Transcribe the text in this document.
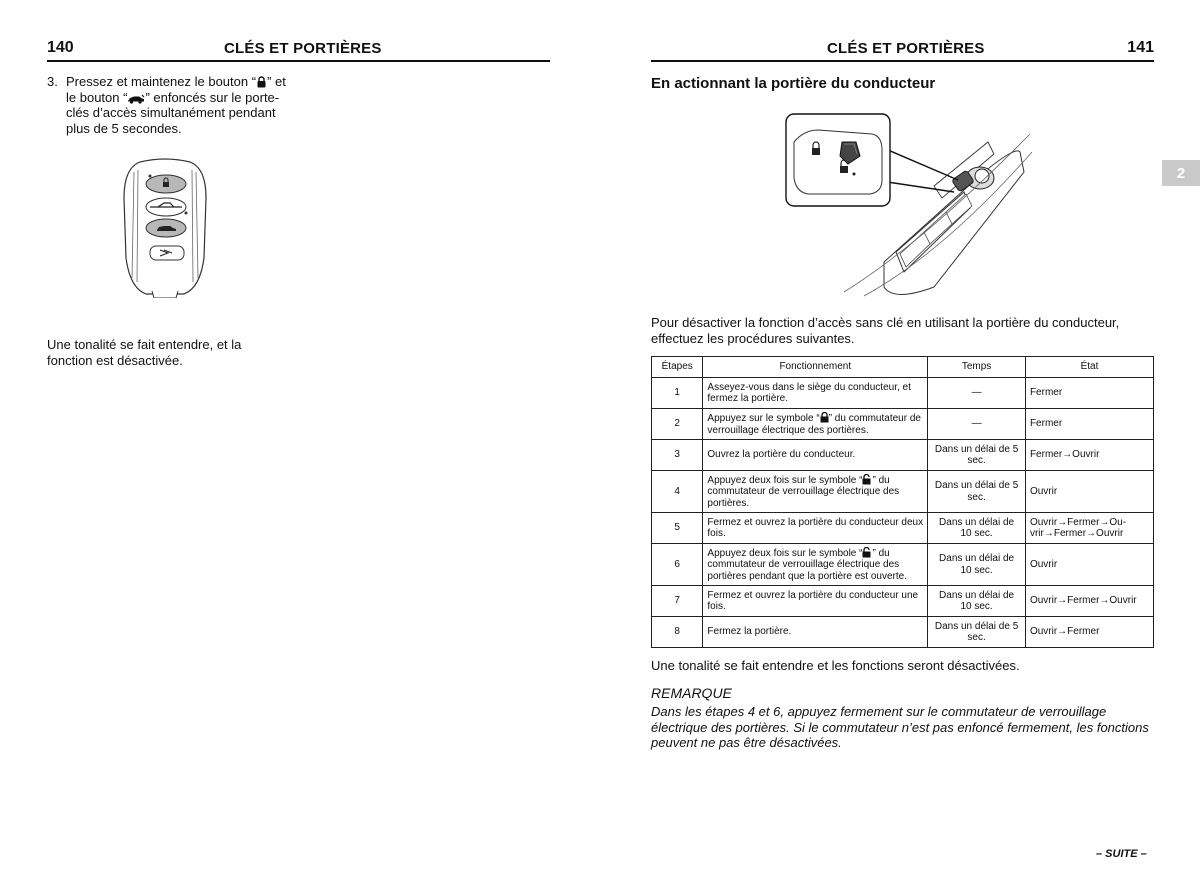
140	CLÉS ET PORTIÈRES
3. Pressez et maintenez le bouton “ ” et le bouton “ ” enfoncés sur le porte-clés d’accès simultanément pendant plus de 5 secondes.
Une tonalité se fait entendre, et la fonction est désactivée.
CLÉS ET PORTIÈRES	141
En actionnant la portière du conducteur
2
Pour désactiver la fonction d’accès sans clé en utilisant la portière du conducteur, effectuez les procédures suivantes.
Étapes	Fonctionnement	Temps	État
1	Asseyez-vous dans le siège du conducteur, et fermez la portière.	—	Fermer
2	Appuyez sur le symbole “ ” du commutateur de verrouillage électrique des portières.	—	Fermer
3	Ouvrez la portière du conducteur.	Dans un délai de 5 sec.	Fermer→Ouvrir
4	Appuyez deux fois sur le symbole “ ” du commutateur de verrouillage électrique des portières.	Dans un délai de 5 sec.	Ouvrir
5	Fermez et ouvrez la portière du conducteur deux fois.	Dans un délai de 10 sec.	Ouvrir→Fermer→Ou-vrir→Fermer→Ouvrir
6	Appuyez deux fois sur le symbole “ ” du commutateur de verrouillage électrique des portières pendant que la portière est ouverte.	Dans un délai de 10 sec.	Ouvrir
7	Fermez et ouvrez la portière du conducteur une fois.	Dans un délai de 10 sec.	Ouvrir→Fermer→Ouvrir
8	Fermez la portière.	Dans un délai de 5 sec.	Ouvrir→Fermer
Une tonalité se fait entendre et les fonctions seront désactivées.
REMARQUE
Dans les étapes 4 et 6, appuyez fermement sur le commutateur de verrouillage électrique des portières. Si le commutateur n’est pas enfoncé fermement, les fonctions peuvent ne pas être désactivées.
– SUITE –
